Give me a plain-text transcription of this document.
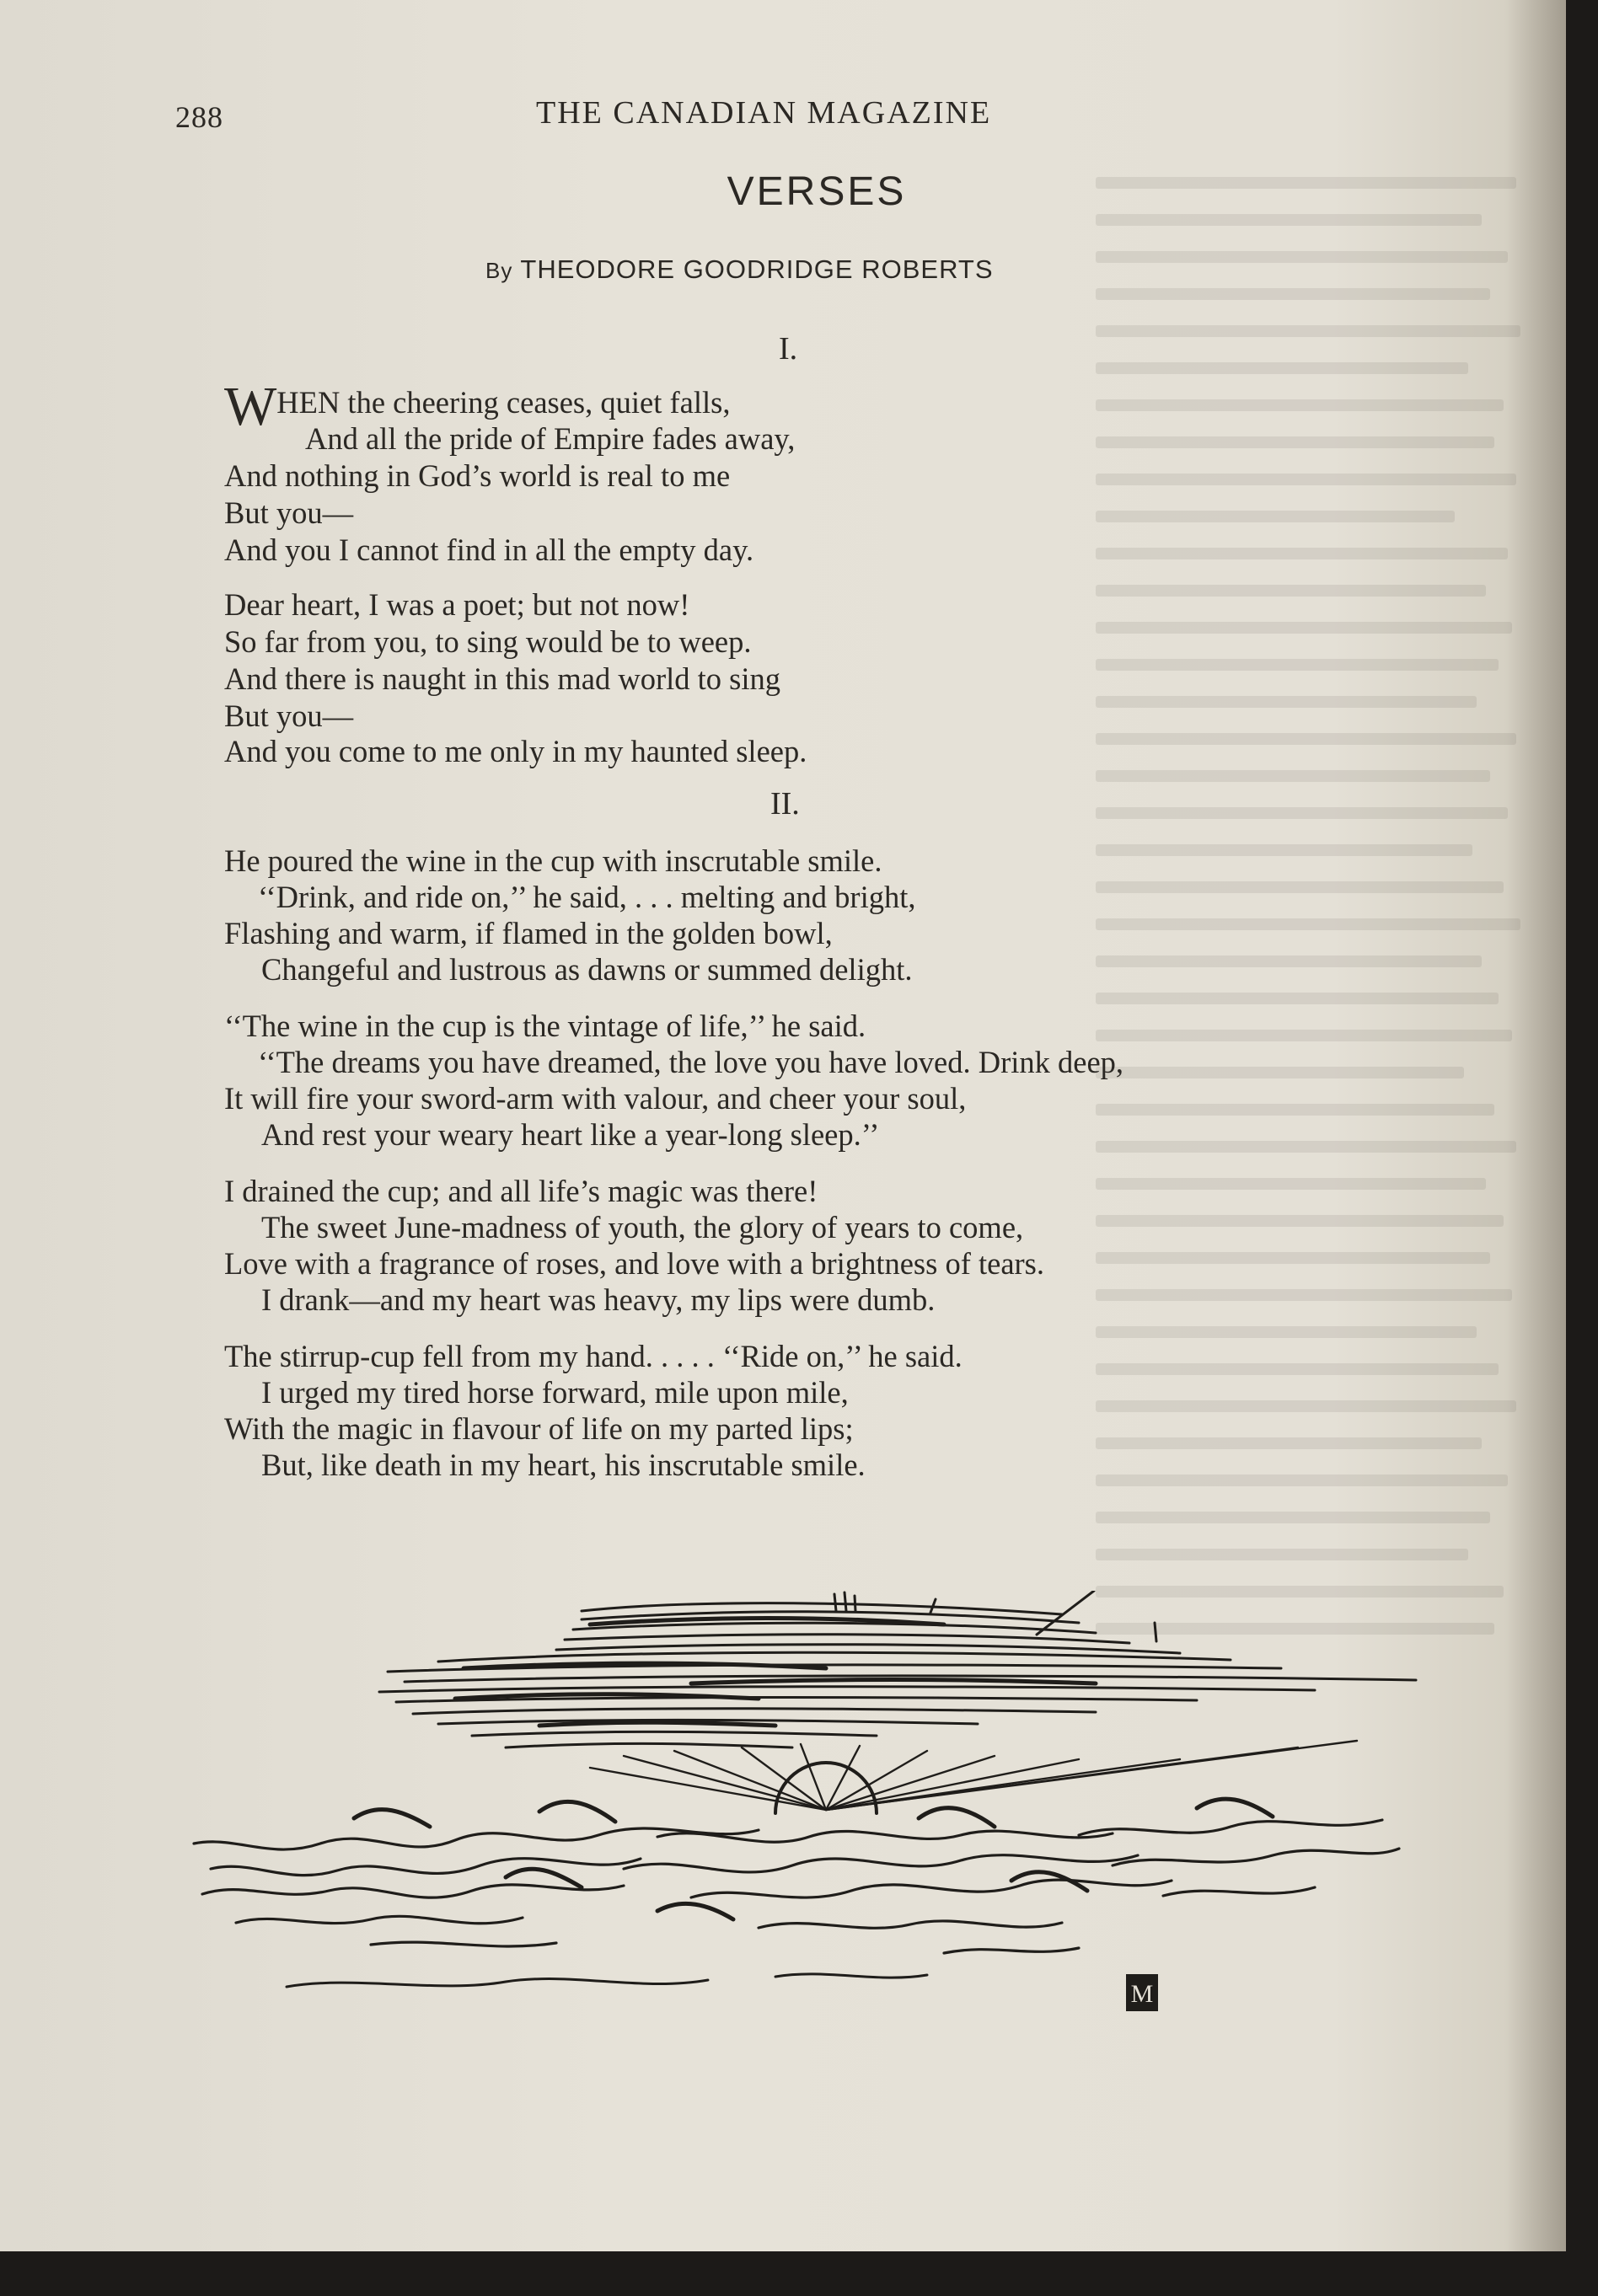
288	THE CANADIAN MAGAZINE
VERSES
By THEODORE GOODRIDGE ROBERTS
I.
WHEN the cheering ceases, quiet falls,
And all the pride of Empire fades away,
And nothing in God’s world is real to me
But you—
And you I cannot find in all the empty day.
Dear heart, I was a poet; but not now!
So far from you, to sing would be to weep.
And there is naught in this mad world to sing
But you—
And you come to me only in my haunted sleep.
II.
He poured the wine in the cup with inscrutable smile.
‘‘Drink, and ride on,’’ he said, . . . melting and bright,
Flashing and warm, if flamed in the golden bowl,
Changeful and lustrous as dawns or summed delight.
‘‘The wine in the cup is the vintage of life,’’ he said.
‘‘The dreams you have dreamed, the love you have loved. Drink deep,
It will fire your sword-arm with valour, and cheer your soul,
And rest your weary heart like a year-long sleep.’’
I drained the cup; and all life’s magic was there!
The sweet June-madness of youth, the glory of years to come,
Love with a fragrance of roses, and love with a brightness of tears.
I drank—and my heart was heavy, my lips were dumb.
The stirrup-cup fell from my hand. . . . . ‘‘Ride on,’’ he said.
I urged my tired horse forward, mile upon mile,
With the magic in flavour of life on my parted lips;
But, like death in my heart, his inscrutable smile.
M
